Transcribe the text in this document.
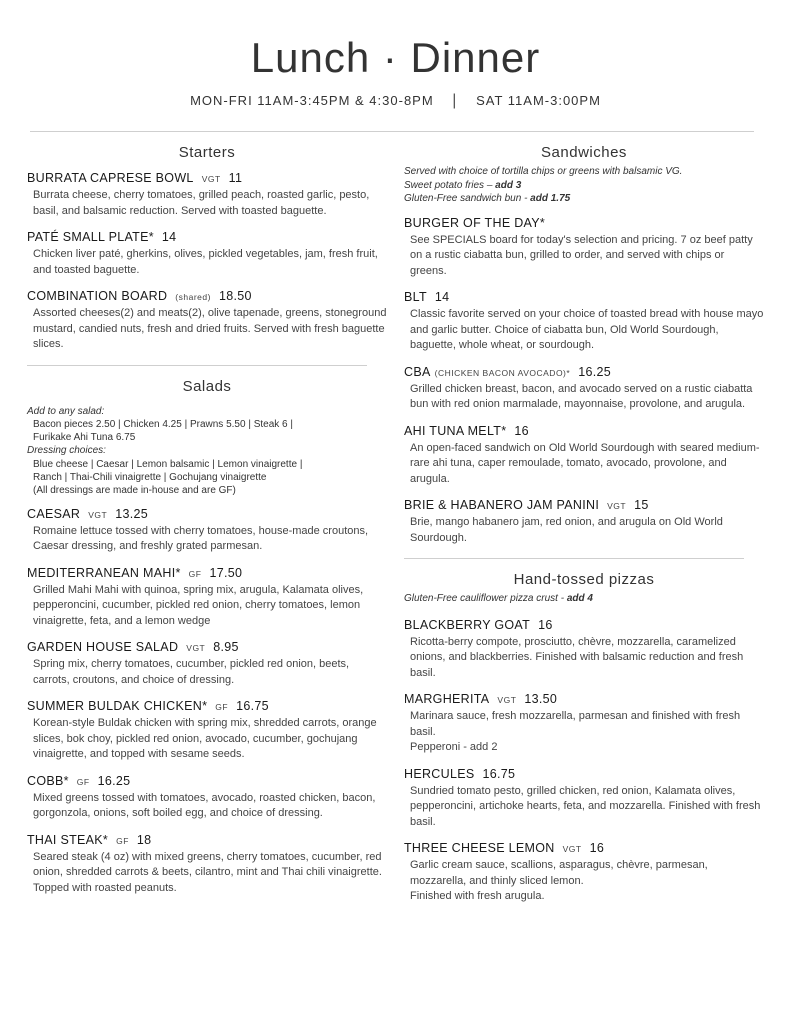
Lunch · Dinner
MON-FRI 11AM-3:45PM & 4:30-8PM | SAT 11AM-3:00PM
Starters
BURRATA CAPRESE BOWL VGT 11
Burrata cheese, cherry tomatoes, grilled peach, roasted garlic, pesto, basil, and balsamic reduction. Served with toasted baguette.
PATÉ SMALL PLATE* 14
Chicken liver paté, gherkins, olives, pickled vegetables, jam, fresh fruit, and toasted baguette.
COMBINATION BOARD (shared) 18.50
Assorted cheeses(2) and meats(2), olive tapenade, greens, stoneground mustard, candied nuts, fresh and dried fruits. Served with fresh baguette slices.
Salads
Add to any salad:
Bacon pieces 2.50 | Chicken 4.25 | Prawns 5.50 | Steak 6 |
Furikake Ahi Tuna 6.75
Dressing choices:
Blue cheese | Caesar | Lemon balsamic | Lemon vinaigrette |
Ranch | Thai-Chili vinaigrette | Gochujang vinaigrette
(All dressings are made in-house and are GF)
CAESAR VGT 13.25
Romaine lettuce tossed with cherry tomatoes, house-made croutons, Caesar dressing, and freshly grated parmesan.
MEDITERRANEAN MAHI* GF 17.50
Grilled Mahi Mahi with quinoa, spring mix, arugula, Kalamata olives, pepperoncini, cucumber, pickled red onion, cherry tomatoes, lemon vinaigrette, feta, and a lemon wedge
GARDEN HOUSE SALAD VGT 8.95
Spring mix, cherry tomatoes, cucumber, pickled red onion, beets, carrots, croutons, and choice of dressing.
SUMMER BULDAK CHICKEN* GF 16.75
Korean-style Buldak chicken with spring mix, shredded carrots, orange slices, bok choy, pickled red onion, avocado, cucumber, gochujang vinaigrette, and topped with sesame seeds.
COBB* GF 16.25
Mixed greens tossed with tomatoes, avocado, roasted chicken, bacon, gorgonzola, onions, soft boiled egg, and choice of dressing.
THAI STEAK* GF 18
Seared steak (4 oz) with mixed greens, cherry tomatoes, cucumber, red onion, shredded carrots & beets, cilantro, mint and Thai chili vinaigrette. Topped with roasted peanuts.
Sandwiches
Served with choice of tortilla chips or greens with balsamic VG.
Sweet potato fries – add 3
Gluten-Free sandwich bun - add 1.75
BURGER OF THE DAY*
See SPECIALS board for today's selection and pricing. 7 oz beef patty on a rustic ciabatta bun, grilled to order, and served with chips or greens.
BLT 14
Classic favorite served on your choice of toasted bread with house mayo and garlic butter. Choice of ciabatta bun, Old World Sourdough, baguette, whole wheat, or sourdough.
CBA (CHICKEN BACON AVOCADO)* 16.25
Grilled chicken breast, bacon, and avocado served on a rustic ciabatta bun with red onion marmalade, mayonnaise, provolone, and arugula.
AHI TUNA MELT* 16
An open-faced sandwich on Old World Sourdough with seared medium-rare ahi tuna, caper remoulade, tomato, avocado, provolone, and arugula.
BRIE & HABANERO JAM PANINI VGT 15
Brie, mango habanero jam, red onion, and arugula on Old World Sourdough.
Hand-tossed pizzas
Gluten-Free cauliflower pizza crust - add 4
BLACKBERRY GOAT 16
Ricotta-berry compote, prosciutto, chèvre, mozzarella, caramelized onions, and blackberries. Finished with balsamic reduction and fresh basil.
MARGHERITA VGT 13.50
Marinara sauce, fresh mozzarella, parmesan and finished with fresh basil.
Pepperoni - add 2
HERCULES 16.75
Sundried tomato pesto, grilled chicken, red onion, Kalamata olives, pepperoncini, artichoke hearts, feta, and mozzarella. Finished with fresh basil.
THREE CHEESE LEMON VGT 16
Garlic cream sauce, scallions, asparagus, chèvre, parmesan, mozzarella, and thinly sliced lemon.
Finished with fresh arugula.
